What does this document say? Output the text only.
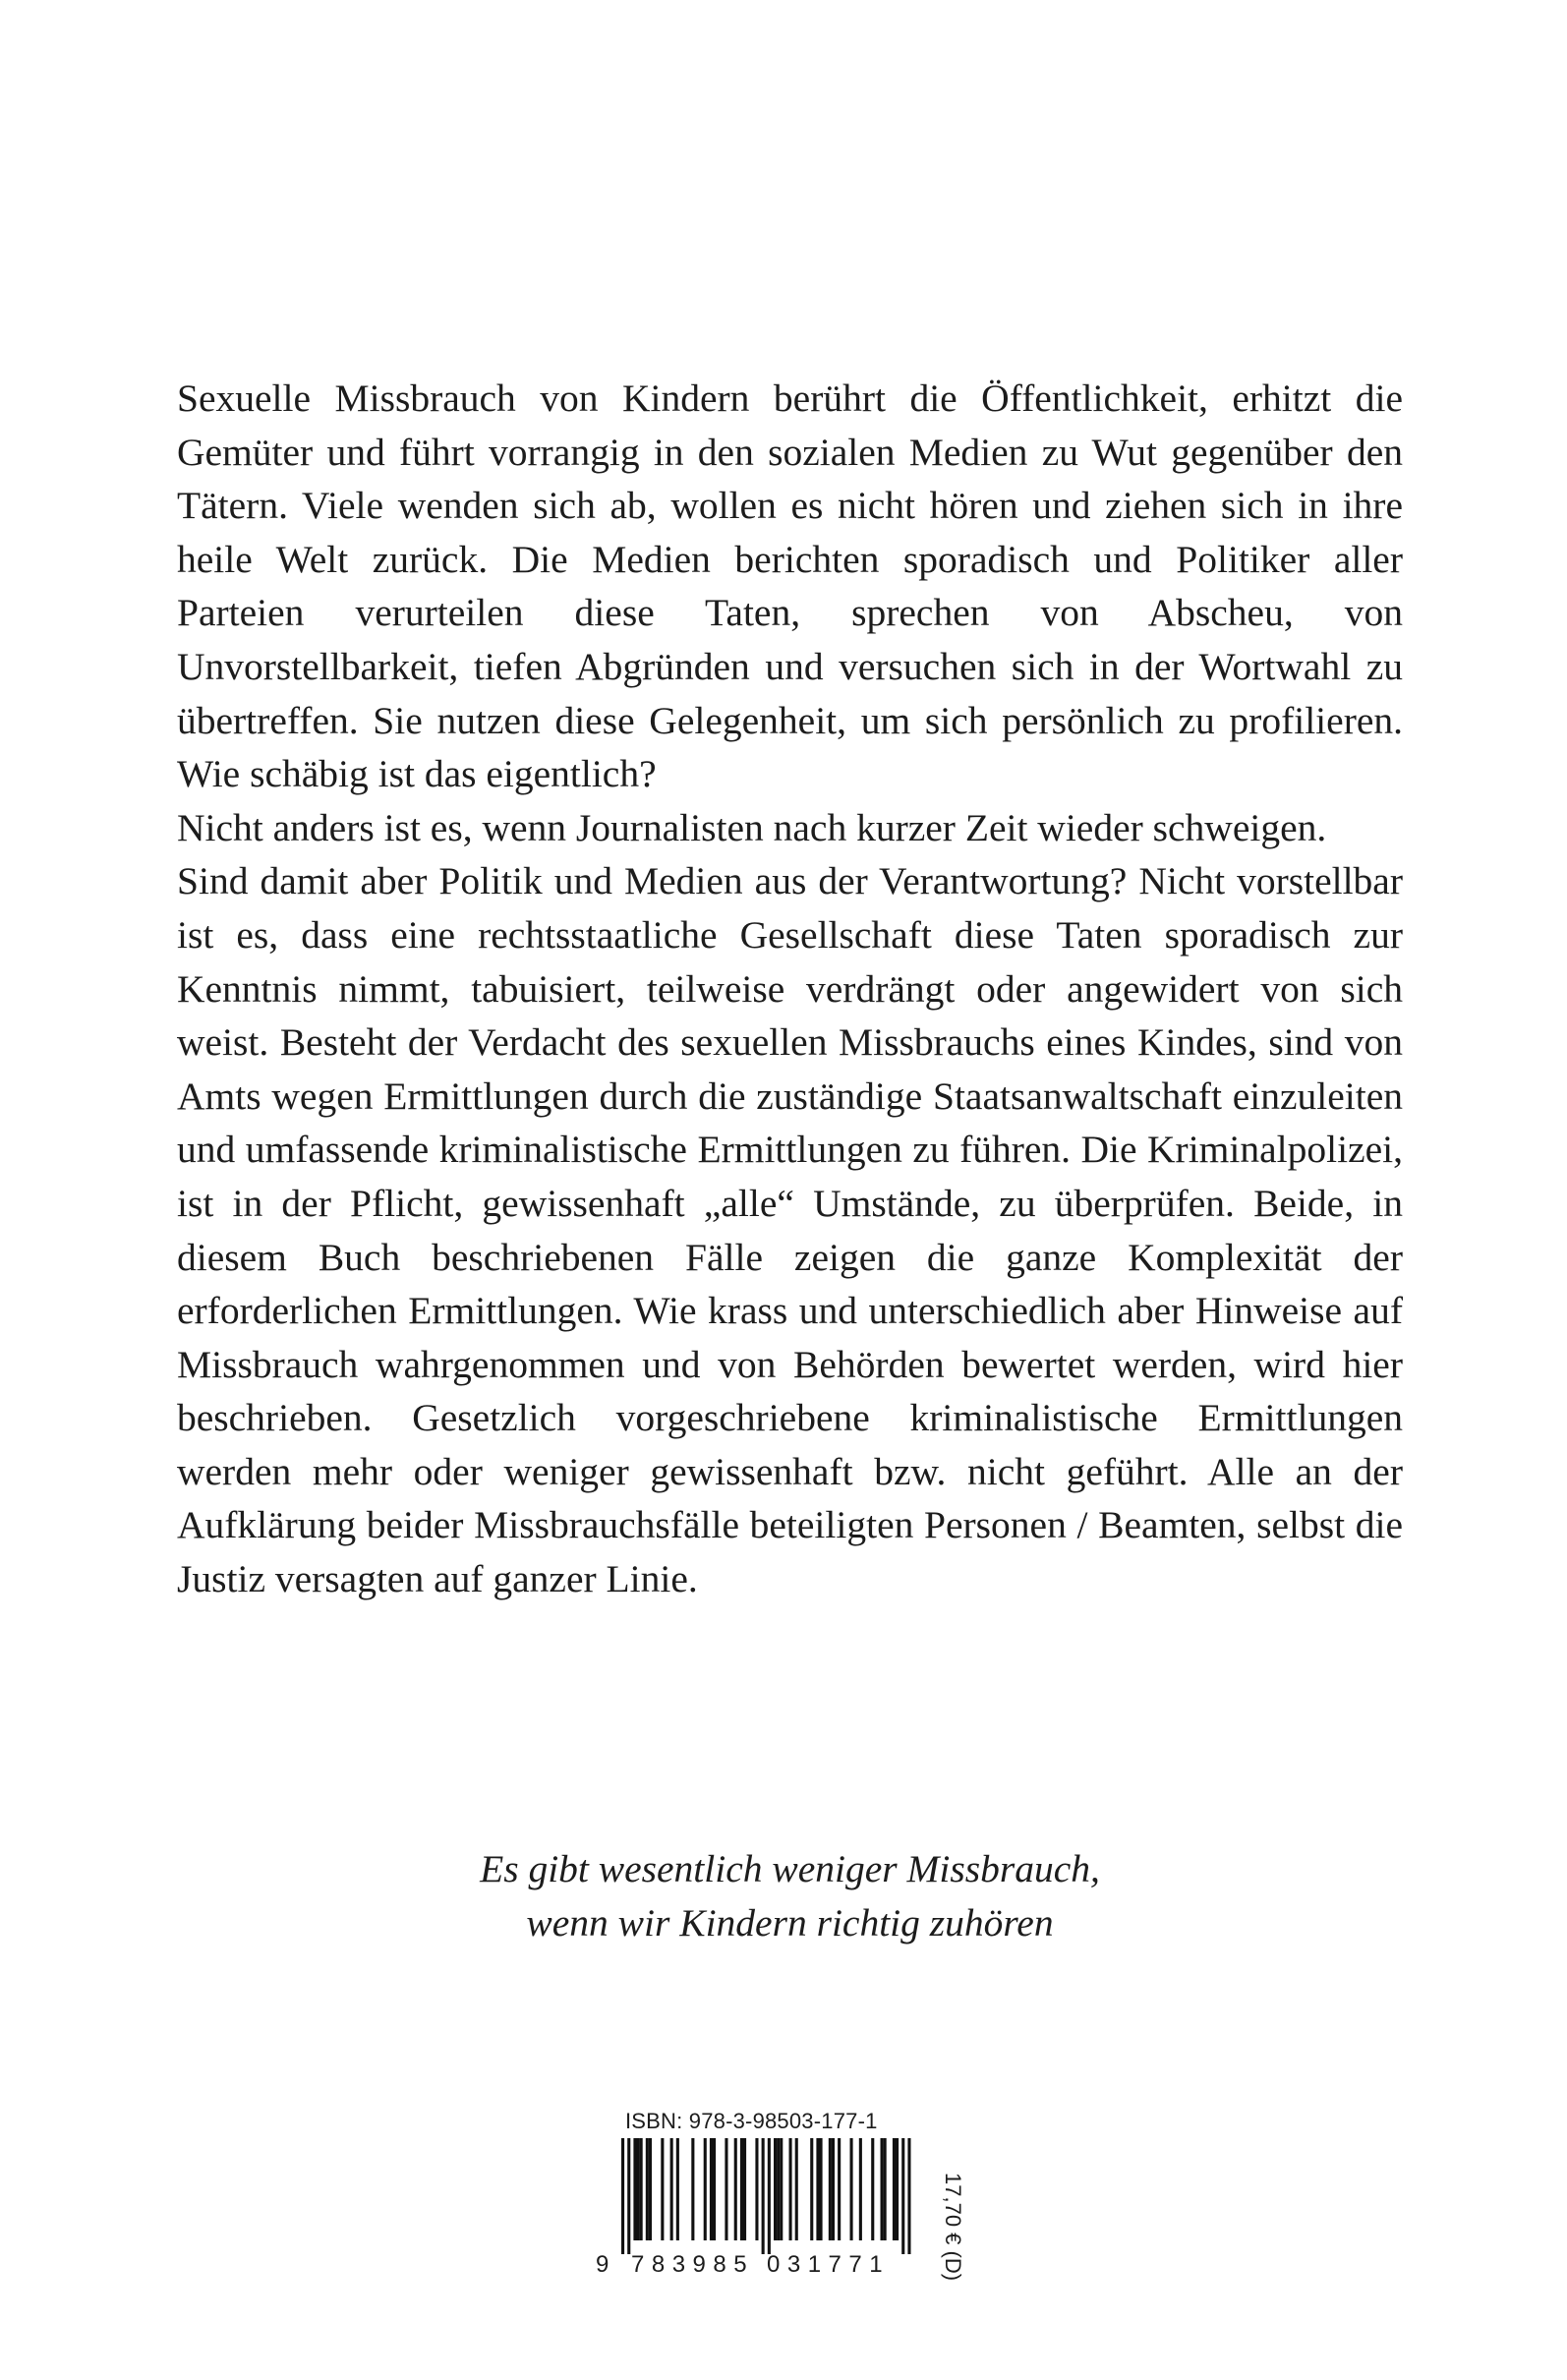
Sexuelle Missbrauch von Kindern berührt die Öffentlichkeit, erhitzt die Gemüter und führt vorrangig in den sozialen Medien zu Wut gegenüber den Tätern. Viele wenden sich ab, wollen es nicht hören und ziehen sich in ihre heile Welt zurück. Die Medien berichten sporadisch und Politiker aller Parteien verurteilen diese Taten, sprechen von Abscheu, von Unvorstellbarkeit, tiefen Abgründen und versuchen sich in der Wortwahl zu übertreffen. Sie nutzen diese Gelegenheit, um sich persönlich zu profilieren. Wie schäbig ist das eigentlich?

Nicht anders ist es, wenn Journalisten nach kurzer Zeit wieder schweigen.

Sind damit aber Politik und Medien aus der Verantwortung? Nicht vorstellbar ist es, dass eine rechtsstaatliche Gesellschaft diese Taten sporadisch zur Kenntnis nimmt, tabuisiert, teilweise verdrängt oder angewidert von sich weist. Besteht der Verdacht des sexuellen Missbrauchs eines Kindes, sind von Amts wegen Ermittlungen durch die zuständige Staatsanwaltschaft einzuleiten und umfassende kriminalistische Ermittlungen zu führen. Die Kriminalpolizei, ist in der Pflicht, gewissenhaft „alle“ Umstände, zu überprüfen. Beide, in diesem Buch beschriebenen Fälle zeigen die ganze Komplexität der erforderlichen Ermittlungen. Wie krass und unterschiedlich aber Hinweise auf Missbrauch wahrgenommen und von Behörden bewertet werden, wird hier beschrieben. Gesetzlich vorgeschriebene kriminalistische Ermittlungen werden mehr oder weniger gewissenhaft bzw. nicht geführt. Alle an der Aufklärung beider Missbrauchsfälle beteiligten Personen / Beamten, selbst die Justiz versagten auf ganzer Linie.

Es gibt wesentlich weniger Missbrauch,
wenn wir Kindern richtig zuhören
ISBN: 978-3-98503-177-1
9 783985 031771 17,70 € (D)
